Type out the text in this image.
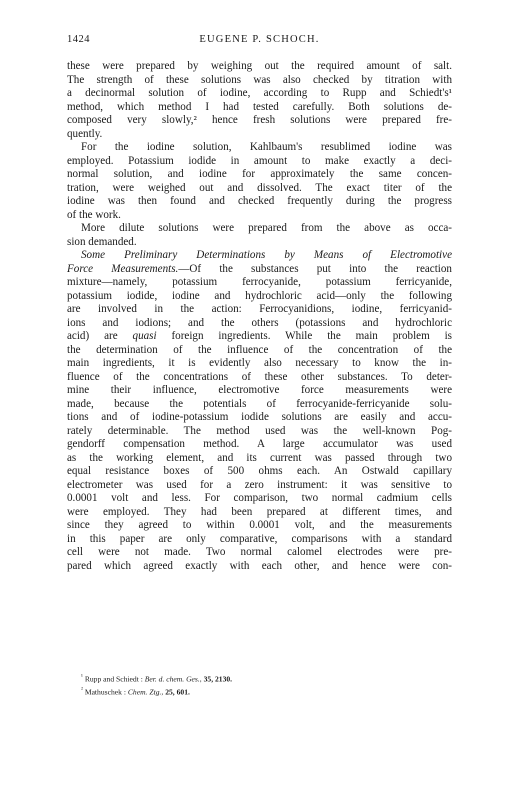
1424	EUGENE P. SCHOCH.

these were prepared by weighing out the required amount of salt.
The strength of these solutions was also checked by titration with
a decinormal solution of iodine, according to Rupp and Schiedt's¹
method, which method I had tested carefully. Both solutions de-
composed very slowly,² hence fresh solutions were prepared fre-
quently.

For the iodine solution, Kahlbaum's resublimed iodine was
employed. Potassium iodide in amount to make exactly a deci-
normal solution, and iodine for approximately the same concen-
tration, were weighed out and dissolved. The exact titer of the
iodine was then found and checked frequently during the progress
of the work.

More dilute solutions were prepared from the above as occa-
sion demanded.

Some Preliminary Determinations by Means of Electromotive
Force Measurements.—Of the substances put into the reaction
mixture—namely, potassium ferrocyanide, potassium ferricyanide,
potassium iodide, iodine and hydrochloric acid—only the following
are involved in the action: Ferrocyanidions, iodine, ferricyanid-
ions and iodions; and the others (potassions and hydrochloric
acid) are quasi foreign ingredients. While the main problem is
the determination of the influence of the concentration of the
main ingredients, it is evidently also necessary to know the in-
fluence of the concentrations of these other substances. To deter-
mine their influence, electromotive force measurements were
made, because the potentials of ferrocyanide-ferricyanide solu-
tions and of iodine-potassium iodide solutions are easily and accu-
rately determinable. The method used was the well-known Pog-
gendorff compensation method. A large accumulator was used
as the working element, and its current was passed through two
equal resistance boxes of 500 ohms each. An Ostwald capillary
electrometer was used for a zero instrument: it was sensitive to
0.0001 volt and less. For comparison, two normal cadmium cells
were employed. They had been prepared at different times, and
since they agreed to within 0.0001 volt, and the measurements
in this paper are only comparative, comparisons with a standard
cell were not made. Two normal calomel electrodes were pre-
pared which agreed exactly with each other, and hence were con-

$^{^1}$ Rupp and Schiedt : Ber. d. chem. Ges., 35, 2130.
$^{^2}$ Mathuschek : Chem. Ztg., 25, 601.
